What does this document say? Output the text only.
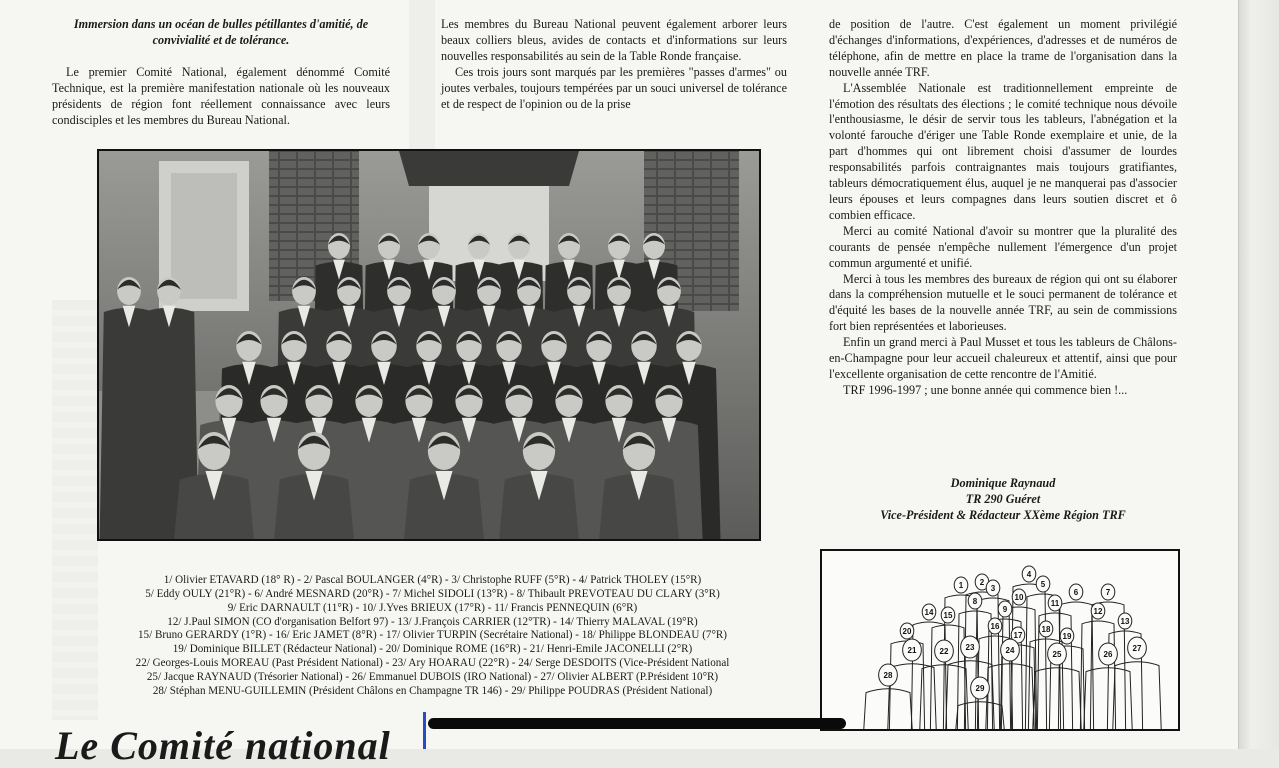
Immersion dans un océan de bulles pétillantes d'amitié, de convivialité et de tolérance.

Le premier Comité National, également dénommé Comité Technique, est la première manifestation nationale où les nouveaux présidents de région font réellement connaissance avec leurs condisciples et les membres du Bureau National.

Les membres du Bureau National peuvent également arborer leurs beaux colliers bleus, avides de contacts et d'informations sur leurs nouvelles responsabilités au sein de la Table Ronde française.

Ces trois jours sont marqués par les premières "passes d'armes" ou joutes verbales, toujours tempérées par un souci universel de tolérance et de respect de l'opinion ou de la prise

de position de l'autre. C'est également un moment privilégié d'échanges d'informations, d'expériences, d'adresses et de numéros de téléphone, afin de mettre en place la trame de l'organisation dans la nouvelle année TRF.

L'Assemblée Nationale est traditionnellement empreinte de l'émotion des résultats des élections ; le comité technique nous dévoile l'enthousiasme, le désir de servir tous les tableurs, l'abnégation et la volonté farouche d'ériger une Table Ronde exemplaire et unie, de la part d'hommes qui ont librement choisi d'assumer de lourdes responsabilités parfois contraignantes mais toujours gratifiantes, tableurs démocratiquement élus, auquel je ne manquerai pas d'associer leurs épouses et leurs compagnes dans leurs soutien discret et ô combien efficace.

Merci au comité National d'avoir su montrer que la pluralité des courants de pensée n'empêche nullement l'émergence d'un projet commun argumenté et unifié.

Merci à tous les membres des bureaux de région qui ont su élaborer dans la compréhension mutuelle et le souci permanent de tolérance et d'équité les bases de la nouvelle année TRF, au sein de commissions fort bien représentées et laborieuses.

Enfin un grand merci à Paul Musset et tous les tableurs de Châlons-en-Champagne pour leur accueil chaleureux et attentif, ainsi que pour l'excellente organisation de cette rencontre de l'Amitié.

TRF 1996-1997 ; une bonne année qui commence bien !...

Dominique Raynaud
TR 290 Guéret
Vice-Président & Rédacteur XXème Région TRF
1/ Olivier ETAVARD (18° R) - 2/ Pascal BOULANGER (4°R) - 3/ Christophe RUFF (5°R) - 4/ Patrick THOLEY (15°R)
5/ Eddy OULY (21°R) - 6/ André MESNARD (20°R) - 7/ Michel SIDOLI (13°R) - 8/ Thibault PREVOTEAU DU CLARY (3°R)
9/ Eric DARNAULT (11°R) - 10/ J.Yves BRIEUX (17°R) - 11/ Francis PENNEQUIN (6°R)
12/ J.Paul SIMON (CO d'organisation Belfort 97) - 13/ J.François CARRIER (12°TR) - 14/ Thierry MALAVAL (19°R)
15/ Bruno GERARDY (1°R) - 16/ Eric JAMET (8°R) - 17/ Olivier TURPIN (Secrétaire National) - 18/ Philippe BLONDEAU (7°R)
19/ Dominique BILLET (Rédacteur National) - 20/ Dominique ROME (16°R) - 21/ Henri-Emile JACONELLI (2°R)
22/ Georges-Louis MOREAU (Past Président National) - 23/ Ary HOARAU (22°R) - 24/ Serge DESDOITS (Vice-Président National
25/ Jacque RAYNAUD (Trésorier National) - 26/ Emmanuel DUBOIS (IRO National) - 27/ Olivier ALBERT (P.Président 10°R)
28/ Stéphan MENU-GUILLEMIN (Président Châlons en Champagne TR 146) - 29/ Philippe POUDRAS (Président National)
1 2
3
4
5
6	7
8
9
10
11
12
13
14 15
16
17
18
19
20
21	22 23	24	25	26
27
28
29
Le Comité national
